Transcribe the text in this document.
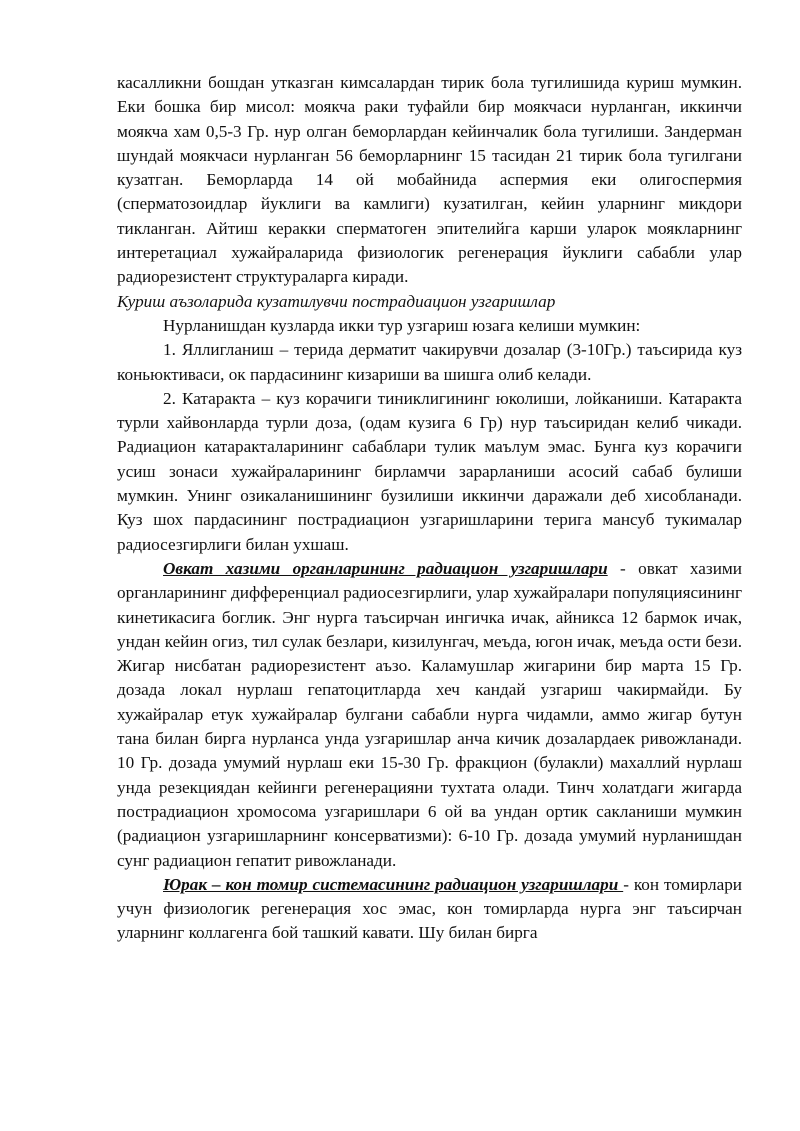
касалликни бошдан утказган кимсалардан тирик бола тугилишида куриш мумкин. Еки бошка бир мисол: моякча раки туфайли бир моякчаси нурланган, иккинчи моякча хам 0,5-3 Гр. нур олган беморлардан кейинчалик бола тугилиши. Зандерман шундай моякчаси нурланган 56 беморларнинг 15 тасидан 21 тирик бола тугилгани кузатган. Беморларда 14 ой мобайнида аспермия еки олигоспермия (сперматозоидлар йуклиги ва камлиги) кузатилган, кейин уларнинг микдори тикланган. Айтиш керакки сперматоген эпителийга карши уларок моякларнинг интеретациал хужайраларида физиологик регенерация йуклиги сабабли улар радиорезистент структураларга киради.

Куриш аъзоларида кузатилувчи пострадиацион узгаришлар

Нурланишдан кузларда икки тур узгариш юзага келиши мумкин:

1. Яллигланиш – терида дерматит чакирувчи дозалар (3-10Гр.) таъсирида куз коньюктиваси, ок пардасининг кизариши ва шишга олиб келади.

2. Катаракта – куз корачиги тиниклигининг юколиши, лойканиши. Катаракта турли хайвонларда турли доза, (одам кузига 6 Гр) нур таъсиридан келиб чикади. Радиацион катаракталарининг сабаблари тулик маълум эмас. Бунга куз корачиги усиш зонаси хужайраларининг бирламчи зарарланиши асосий сабаб булиши мумкин. Унинг озикаланишининг бузилиши иккинчи даражали деб хисобланади. Куз шох пардасининг пострадиацион узгаришларини терига мансуб тукималар радиосезгирлиги билан ухшаш.

Овкат хазими органларининг радиацион узгаришлари - овкат хазими органларининг дифференциал радиосезгирлиги, улар хужайралари популяциясининг кинетикасига боглик. Энг нурга таъсирчан ингичка ичак, айникса 12 бармок ичак, ундан кейин огиз, тил сулак безлари, кизилунгач, меъда, югон ичак, меъда ости бези. Жигар нисбатан радиорезистент аъзо. Каламушлар жигарини бир марта 15 Гр. дозада локал нурлаш гепатоцитларда хеч кандай узгариш чакирмайди. Бу хужайралар етук хужайралар булгани сабабли нурга чидамли, аммо жигар бутун тана билан бирга нурланса унда узгаришлар анча кичик дозалардаек ривожланади. 10 Гр. дозада умумий нурлаш еки 15-30 Гр. фракцион (булакли) махаллий нурлаш унда резекциядан кейинги регенерацияни тухтата олади. Тинч холатдаги жигарда пострадиацион хромосома узгаришлари 6 ой ва ундан ортик сакланиши мумкин (радиацион узгаришларнинг консерватизми): 6-10 Гр. дозада умумий нурланишдан сунг радиацион гепатит ривожланади.

Юрак – кон томир системасининг радиацион узгаришлари - кон томирлари учун физиологик регенерация хос эмас, кон томирларда нурга энг таъсирчан уларнинг коллагенга бой ташкий кавати. Шу билан бирга
